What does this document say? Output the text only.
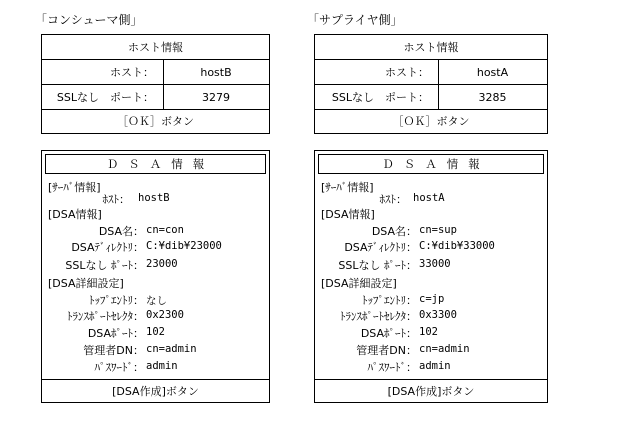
「コンシューマ側」
ホスト情報
ホスト：	hostB
SSLなし　ポート：	3279
［ＯＫ］ボタン
ＤＳＡ情報
[ｻｰﾊﾞ情報]
ﾎｽﾄ： hostB
[DSA情報]
DSA名： cn=con
DSAﾃﾞｨﾚｸﾄﾘ： C:¥dib¥23000
SSLなし ﾎﾟｰﾄ： 23000
[DSA詳細設定]
ﾄｯﾌﾟｴﾝﾄﾘ： なし
ﾄﾗﾝｽﾎﾟｰﾄｾﾚｸﾀ： 0x2300
DSAﾎﾟｰﾄ： 102
管理者DN： cn=admin
ﾊﾟｽﾜｰﾄﾞ： admin
[DSA作成]ボタン
「サプライヤ側」
ホスト情報
ホスト：	hostA
SSLなし　ポート：	3285
［ＯＫ］ボタン
ＤＳＡ情報
[ｻｰﾊﾞ情報]
ﾎｽﾄ： hostA
[DSA情報]
DSA名： cn=sup
DSAﾃﾞｨﾚｸﾄﾘ： C:¥dib¥33000
SSLなし ﾎﾟｰﾄ： 33000
[DSA詳細設定]
ﾄｯﾌﾟｴﾝﾄﾘ： c=jp
ﾄﾗﾝｽﾎﾟｰﾄｾﾚｸﾀ： 0x3300
DSAﾎﾟｰﾄ： 102
管理者DN： cn=admin
ﾊﾟｽﾜｰﾄﾞ： admin
[DSA作成]ボタン
